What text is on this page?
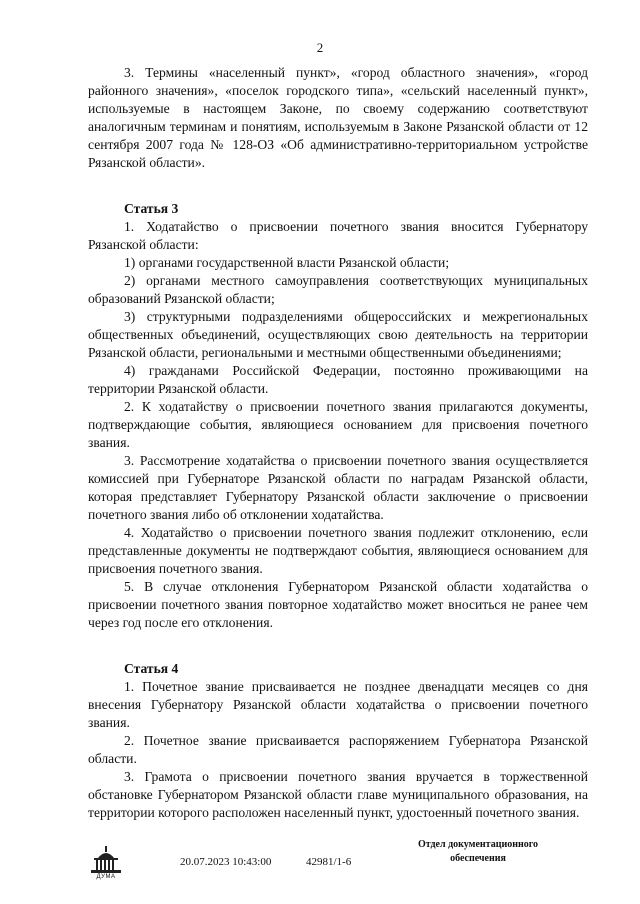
2

3. Термины «населенный пункт», «город областного значения», «город районного значения», «поселок городского типа», «сельский населенный пункт», используемые в настоящем Законе, по своему содержанию соответствуют аналогичным терминам и понятиям, используемым в Законе Рязанской области от 12 сентября 2007 года № 128-ОЗ «Об административно-территориальном устройстве Рязанской области».

Статья 3

1. Ходатайство о присвоении почетного звания вносится Губернатору Рязанской области:

1) органами государственной власти Рязанской области;

2) органами местного самоуправления соответствующих муниципальных образований Рязанской области;

3) структурными подразделениями общероссийских и межрегиональных общественных объединений, осуществляющих свою деятельность на территории Рязанской области, региональными и местными общественными объединениями;

4) гражданами Российской Федерации, постоянно проживающими на территории Рязанской области.

2. К ходатайству о присвоении почетного звания прилагаются документы, подтверждающие события, являющиеся основанием для присвоения почетного звания.

3. Рассмотрение ходатайства о присвоении почетного звания осуществляется комиссией при Губернаторе Рязанской области по наградам Рязанской области, которая представляет Губернатору Рязанской области заключение о присвоении почетного звания либо об отклонении ходатайства.

4. Ходатайство о присвоении почетного звания подлежит отклонению, если представленные документы не подтверждают события, являющиеся основанием для присвоения почетного звания.

5. В случае отклонения Губернатором Рязанской области ходатайства о присвоении почетного звания повторное ходатайство может вноситься не ранее чем через год после его отклонения.

Статья 4

1. Почетное звание присваивается не позднее двенадцати месяцев со дня внесения Губернатору Рязанской области ходатайства о присвоении почетного звания.

2. Почетное звание присваивается распоряжением Губернатора Рязанской области.

3. Грамота о присвоении почетного звания вручается в торжественной обстановке Губернатором Рязанской области главе муниципального образования, на территории которого расположен населенный пункт, удостоенный почетного звания.

ДУМА
20.07.2023 10:43:00	42981/1-6
Отдел документационного
обеспечения
